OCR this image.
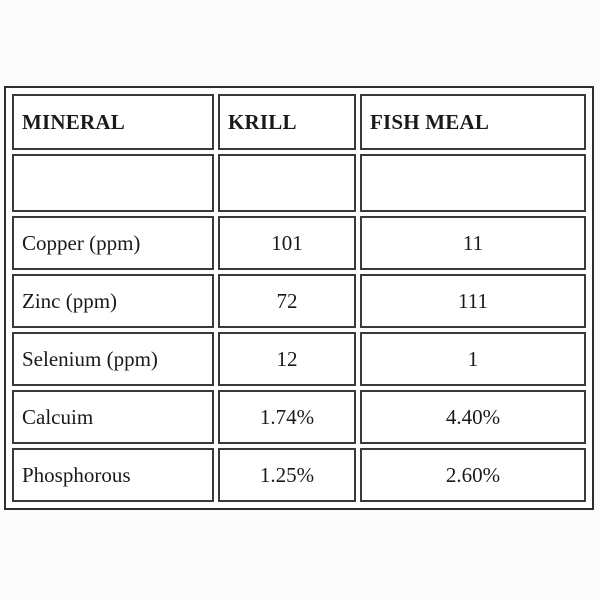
MINERAL	KRILL	FISH MEAL

Copper (ppm)	101	11
Zinc (ppm)	72	111
Selenium (ppm)	12	1
Calcuim	1.74%	4.40%
Phosphorous	1.25%	2.60%
